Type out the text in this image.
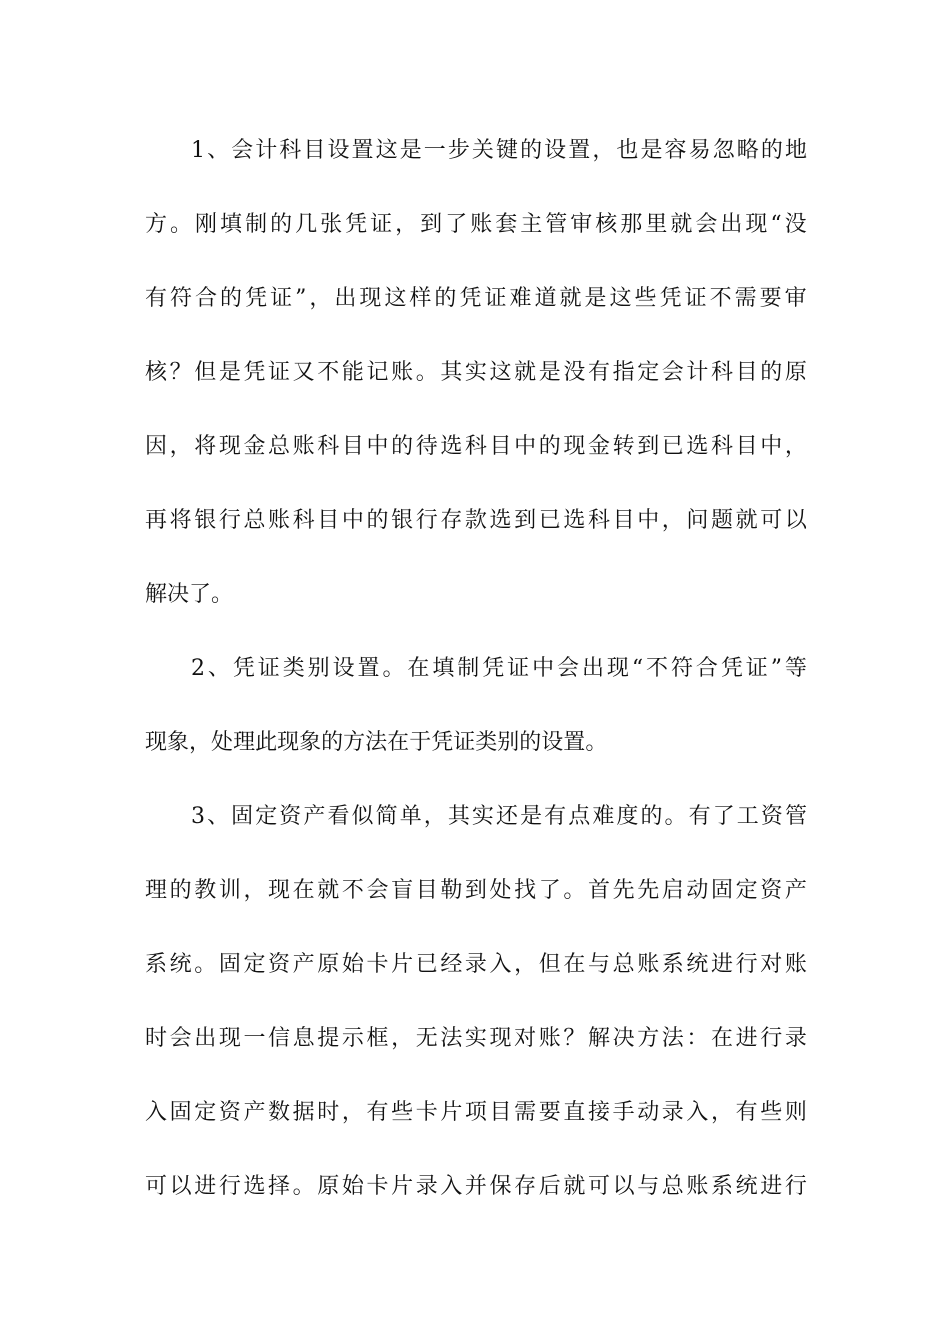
1 、 会 计 科 目 设 置 这 是 一 步 关 键 的 设 置 ， 也 是 容 易 忽 略 的 地
方 。 刚 填 制 的 几 张 凭 证 ， 到 了 账 套 主 管 审 核 那 里 就 会 出 现 “ 没
有 符 合 的 凭 证 ” ， 出 现 这 样 的 凭 证 难 道 就 是 这 些 凭 证 不 需 要 审
核 ？ 但 是 凭 证 又 不 能 记 账 。 其 实 这 就 是 没 有 指 定 会 计 科 目 的 原
因 ， 将 现 金 总 账 科 目 中 的 待 选 科 目 中 的 现 金 转 到 已 选 科 目 中 ，
再 将 银 行 总 账 科 目 中 的 银 行 存 款 选 到 已 选 科 目 中 ， 问 题 就 可 以
解 决 了 。
2 、 凭 证 类 别 设 置 。 在 填 制 凭 证 中 会 出 现 “ 不 符 合 凭 证 ” 等
现 象 ， 处 理 此 现 象 的 方 法 在 于 凭 证 类 别 的 设 置 。
3 、 固 定 资 产 看 似 简 单 ， 其 实 还 是 有 点 难 度 的 。 有 了 工 资 管
理 的 教 训 ， 现 在 就 不 会 盲 目 勒 到 处 找 了 。 首 先 先 启 动 固 定 资 产
系 统 。 固 定 资 产 原 始 卡 片 已 经 录 入 ， 但 在 与 总 账 系 统 进 行 对 账
时 会 出 现 一 信 息 提 示 框 ， 无 法 实 现 对 账 ？ 解 决 方 法 ： 在 进 行 录
入 固 定 资 产 数 据 时 ， 有 些 卡 片 项 目 需 要 直 接 手 动 录 入 ， 有 些 则
可 以 进 行 选 择 。 原 始 卡 片 录 入 并 保 存 后 就 可 以 与 总 账 系 统 进 行
